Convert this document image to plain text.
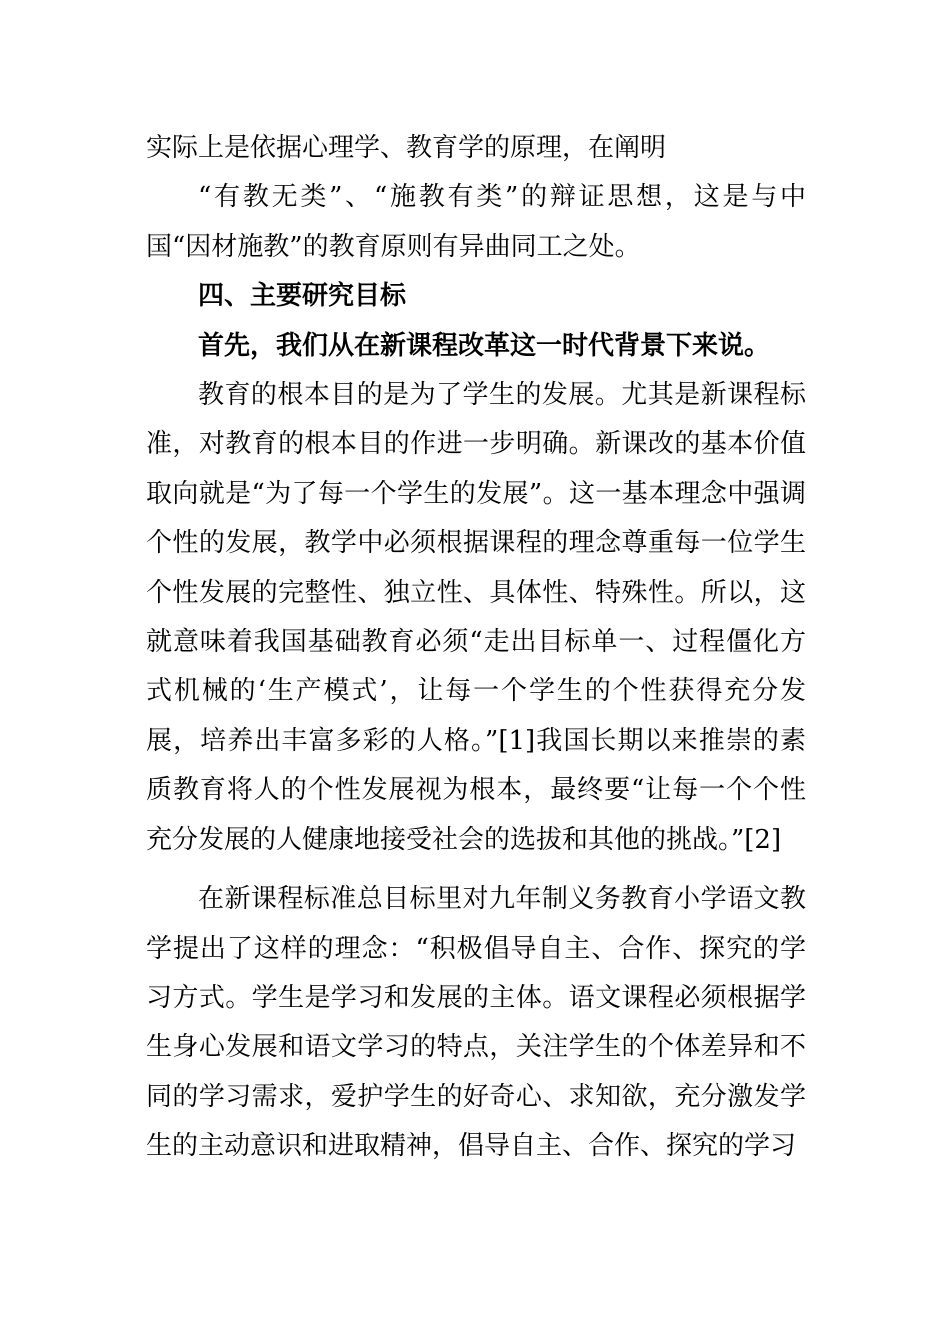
实际上是依据心理学、教育学的原理，在阐明

“有教无类”、“施教有类”的辩证思想，这是与中国“因材施教”的教育原则有异曲同工之处。

四、主要研究目标

首先，我们从在新课程改革这一时代背景下来说。

教育的根本目的是为了学生的发展。尤其是新课程标准，对教育的根本目的作进一步明确。新课改的基本价值取向就是“为了每一个学生的发展”。这一基本理念中强调个性的发展，教学中必须根据课程的理念尊重每一位学生个性发展的完整性、独立性、具体性、特殊性。所以，这就意味着我国基础教育必须“走出目标单一、过程僵化方式机械的‘生产模式’，让每一个学生的个性获得充分发展，培养出丰富多彩的人格。”[1]我国长期以来推崇的素质教育将人的个性发展视为根本，最终要“让每一个个性充分发展的人健康地接受社会的选拔和其他的挑战。”[2]

在新课程标准总目标里对九年制义务教育小学语文教学提出了这样的理念：“积极倡导自主、合作、探究的学习方式。学生是学习和发展的主体。语文课程必须根据学生身心发展和语文学习的特点，关注学生的个体差异和不同的学习需求，爱护学生的好奇心、求知欲，充分激发学生的主动意识和进取精神，倡导自主、合作、探究的学习
